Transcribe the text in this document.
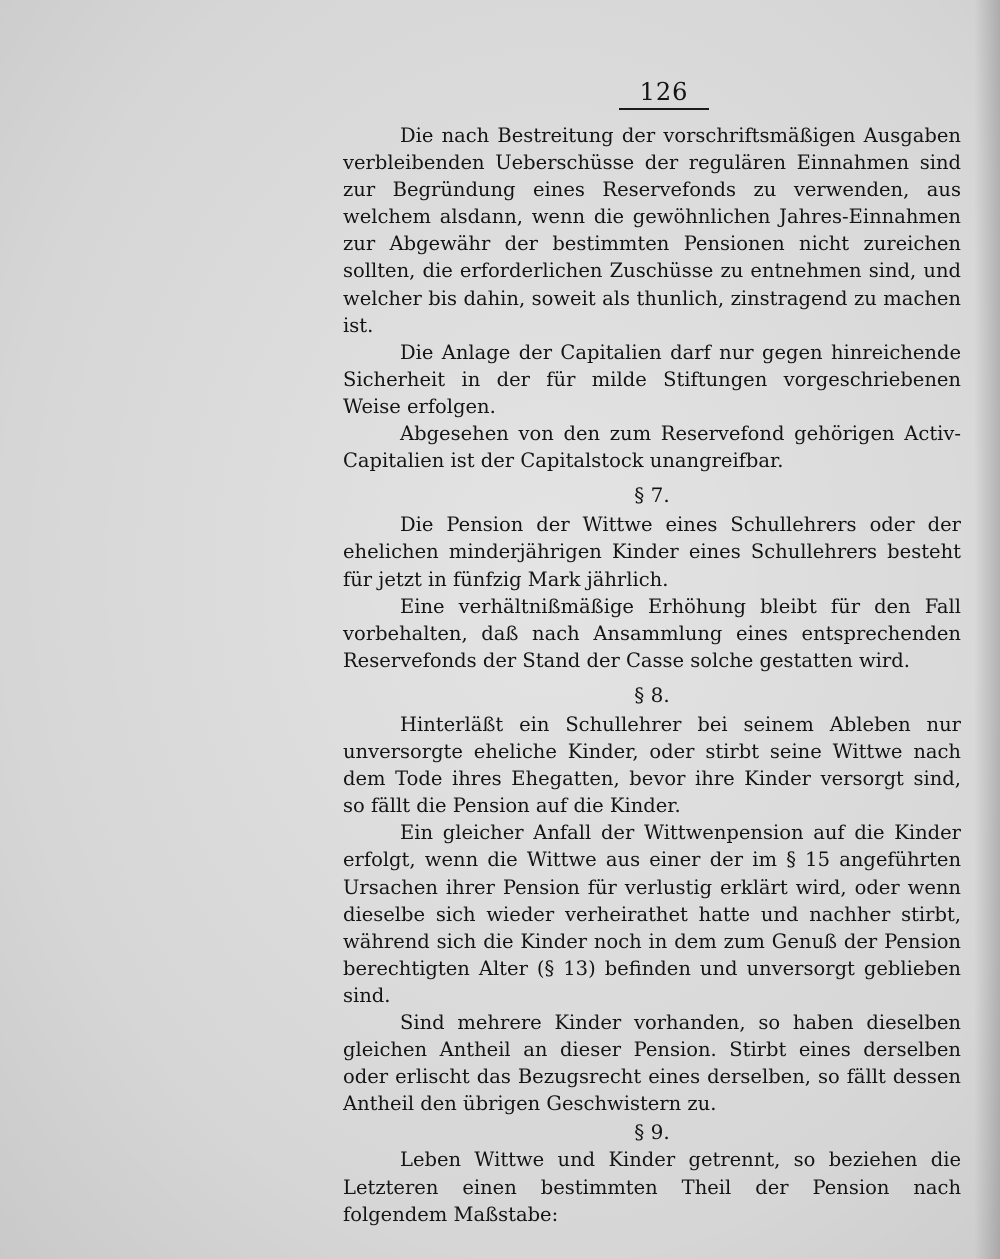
126

Die nach Bestreitung der vorschriftsmäßigen Ausgaben verbleibenden Ueberschüsse der regulären Einnahmen sind zur Begründung eines Reservefonds zu verwenden, aus welchem alsdann, wenn die gewöhnlichen Jahres-Einnahmen zur Abgewähr der bestimmten Pensionen nicht zureichen sollten, die erforderlichen Zuschüsse zu entnehmen sind, und welcher bis dahin, soweit als thunlich, zinstragend zu machen ist.

Die Anlage der Capitalien darf nur gegen hinreichende Sicherheit in der für milde Stiftungen vorgeschriebenen Weise erfolgen.

Abgesehen von den zum Reservefond gehörigen Activ-Capitalien ist der Capitalstock unangreifbar.

§ 7.

Die Pension der Wittwe eines Schullehrers oder der ehelichen minderjährigen Kinder eines Schullehrers besteht für jetzt in fünfzig Mark jährlich.

Eine verhältnißmäßige Erhöhung bleibt für den Fall vorbehalten, daß nach Ansammlung eines entsprechenden Reservefonds der Stand der Casse solche gestatten wird.

§ 8.

Hinterläßt ein Schullehrer bei seinem Ableben nur unversorgte eheliche Kinder, oder stirbt seine Wittwe nach dem Tode ihres Ehegatten, bevor ihre Kinder versorgt sind, so fällt die Pension auf die Kinder.

Ein gleicher Anfall der Wittwenpension auf die Kinder erfolgt, wenn die Wittwe aus einer der im § 15 angeführten Ursachen ihrer Pension für verlustig erklärt wird, oder wenn dieselbe sich wieder verheirathet hatte und nachher stirbt, während sich die Kinder noch in dem zum Genuß der Pension berechtigten Alter (§ 13) befinden und unversorgt geblieben sind.

Sind mehrere Kinder vorhanden, so haben dieselben gleichen Antheil an dieser Pension. Stirbt eines derselben oder erlischt das Bezugsrecht eines derselben, so fällt dessen Antheil den übrigen Geschwistern zu.

§ 9.

Leben Wittwe und Kinder getrennt, so beziehen die Letzteren einen bestimmten Theil der Pension nach folgendem Maßstabe:
